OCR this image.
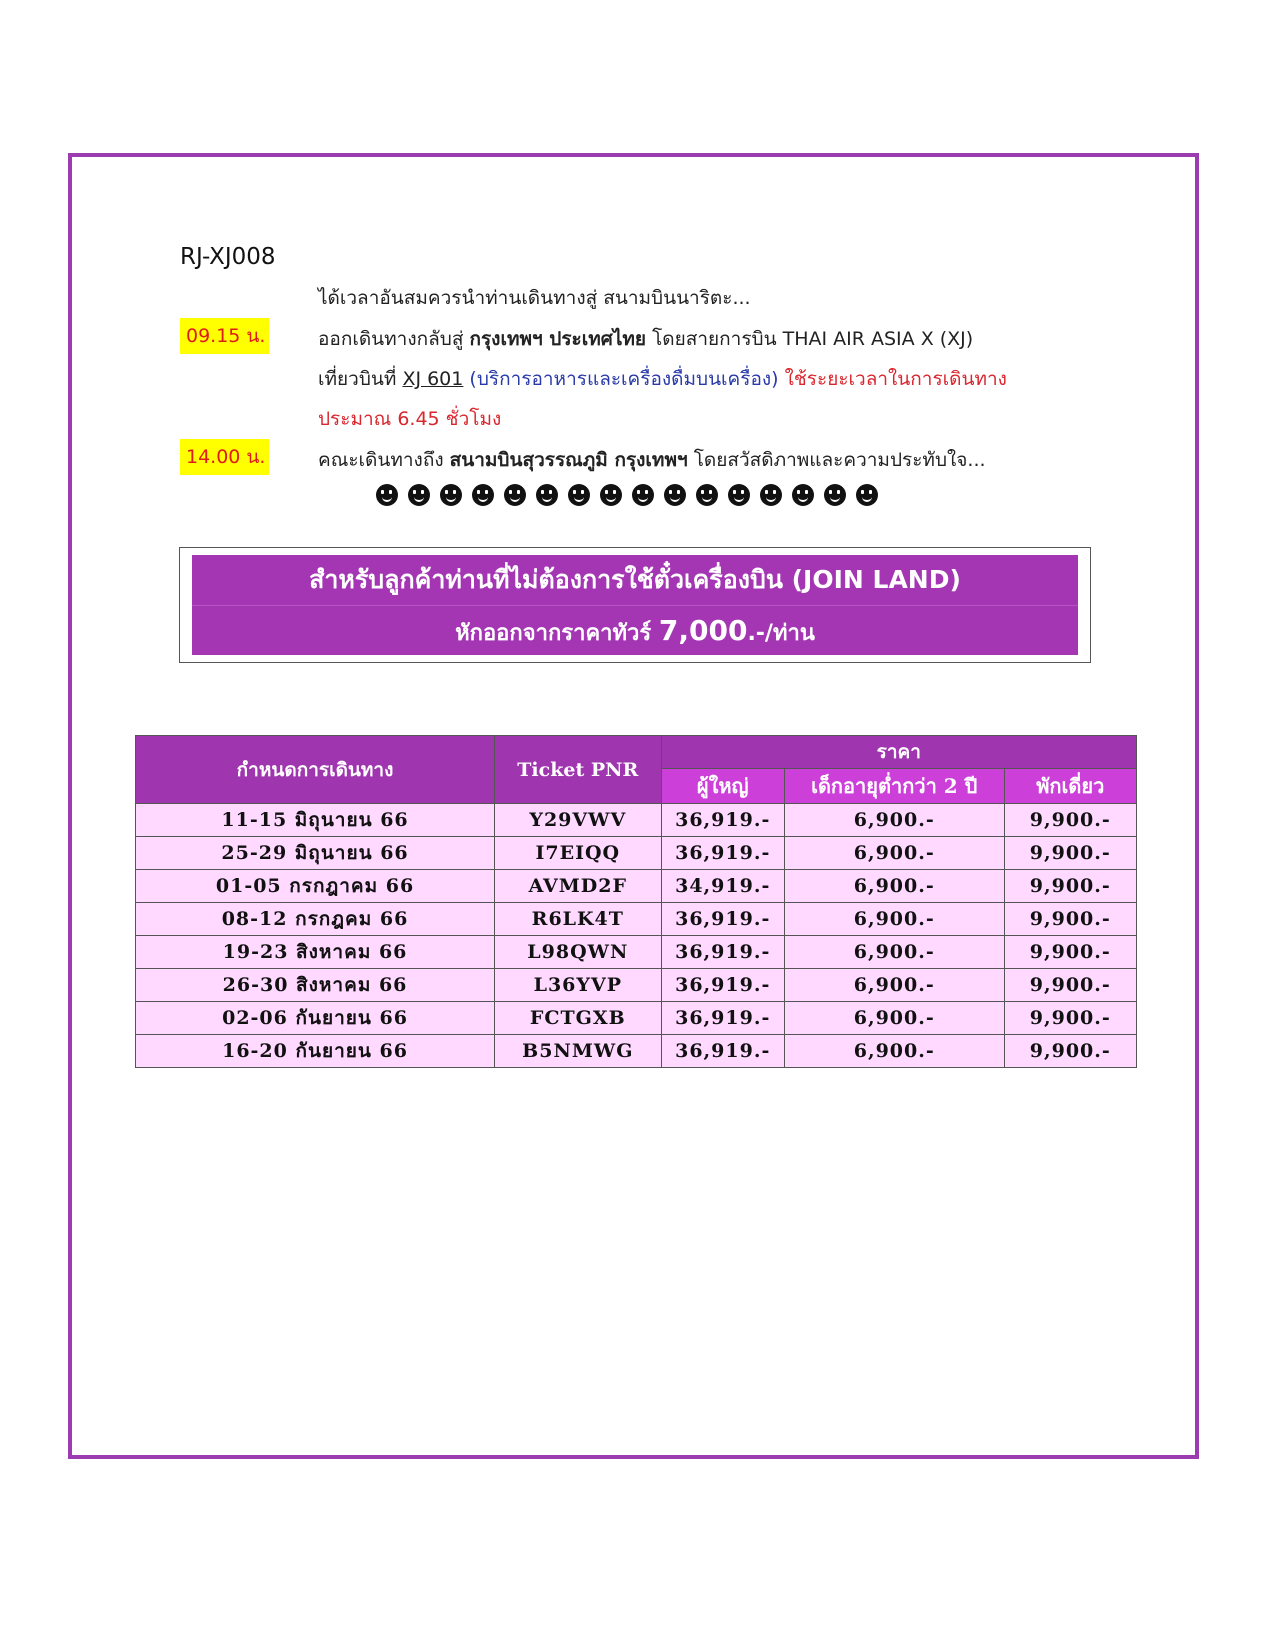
RJ-XJ008
ได้เวลาอันสมควรนำท่านเดินทางสู่ สนามบินนาริตะ...
09.15 น.	ออกเดินทางกลับสู่ กรุงเทพฯ ประเทศไทย โดยสายการบิน THAI AIR ASIA X (XJ)
เที่ยวบินที่ XJ 601 (บริการอาหารและเครื่องดื่มบนเครื่อง) ใช้ระยะเวลาในการเดินทาง
ประมาณ 6.45 ชั่วโมง
14.00 น.	คณะเดินทางถึง สนามบินสุวรรณภูมิ กรุงเทพฯ โดยสวัสดิภาพและความประทับใจ...
สำหรับลูกค้าท่านที่ไม่ต้องการใช้ตั๋วเครื่องบิน (JOIN LAND)
หักออกจากราคาทัวร์ 7,000.-/ท่าน
กำหนดการเดินทาง	Ticket PNR	ราคา		
		ผู้ใหญ่	เด็กอายุต่ำกว่า 2 ปี	พักเดี่ยว
11-15 มิถุนายน 66	Y29VWV	36,919.-	6,900.-	9,900.-
25-29 มิถุนายน 66	I7EIQQ	36,919.-	6,900.-	9,900.-
01-05 กรกฎาคม 66	AVMD2F	34,919.-	6,900.-	9,900.-
08-12 กรกฎคม 66	R6LK4T	36,919.-	6,900.-	9,900.-
19-23 สิงหาคม 66	L98QWN	36,919.-	6,900.-	9,900.-
26-30 สิงหาคม 66	L36YVP	36,919.-	6,900.-	9,900.-
02-06 กันยายน 66	FCTGXB	36,919.-	6,900.-	9,900.-
16-20 กันยายน 66	B5NMWG	36,919.-	6,900.-	9,900.-
